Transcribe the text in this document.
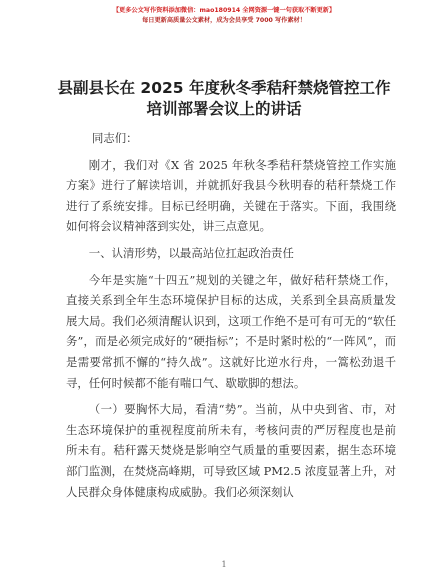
【更多公文写作资料添加微信：mao180914 全网资源一键一句获取不断更新】
每日更新高质量公文素材，成为会员享受 7000 写作素材！
县副县长在 2025 年度秋冬季秸秆禁烧管控工作
培训部署会议上的讲话

同志们：

刚才，我们对《X 省 2025 年秋冬季秸秆禁烧管控工作实施方案》进行了解读培训，并就抓好我县今秋明春的秸秆禁烧工作进行了系统安排。目标已经明确，关键在于落实。下面，我围绕如何将会议精神落到实处，讲三点意见。

一、认清形势，以最高站位扛起政治责任

今年是实施“十四五”规划的关键之年，做好秸秆禁烧工作，直接关系到全年生态环境保护目标的达成，关系到全县高质量发展大局。我们必须清醒认识到，这项工作绝不是可有可无的“软任务”，而是必须完成好的“硬指标”；不是时紧时松的“一阵风”，而是需要常抓不懈的“持久战”。这就好比逆水行舟，一篙松劲退千寻，任何时候都不能有喘口气、歇歇脚的想法。

（一）要胸怀大局，看清“势”。当前，从中央到省、市，对生态环境保护的重视程度前所未有，考核问责的严厉程度也是前所未有。秸秆露天焚烧是影响空气质量的重要因素，据生态环境部门监测，在焚烧高峰期，可导致区域 PM2.5 浓度显著上升，对人民群众身体健康构成威胁。我们必须深刻认

1
